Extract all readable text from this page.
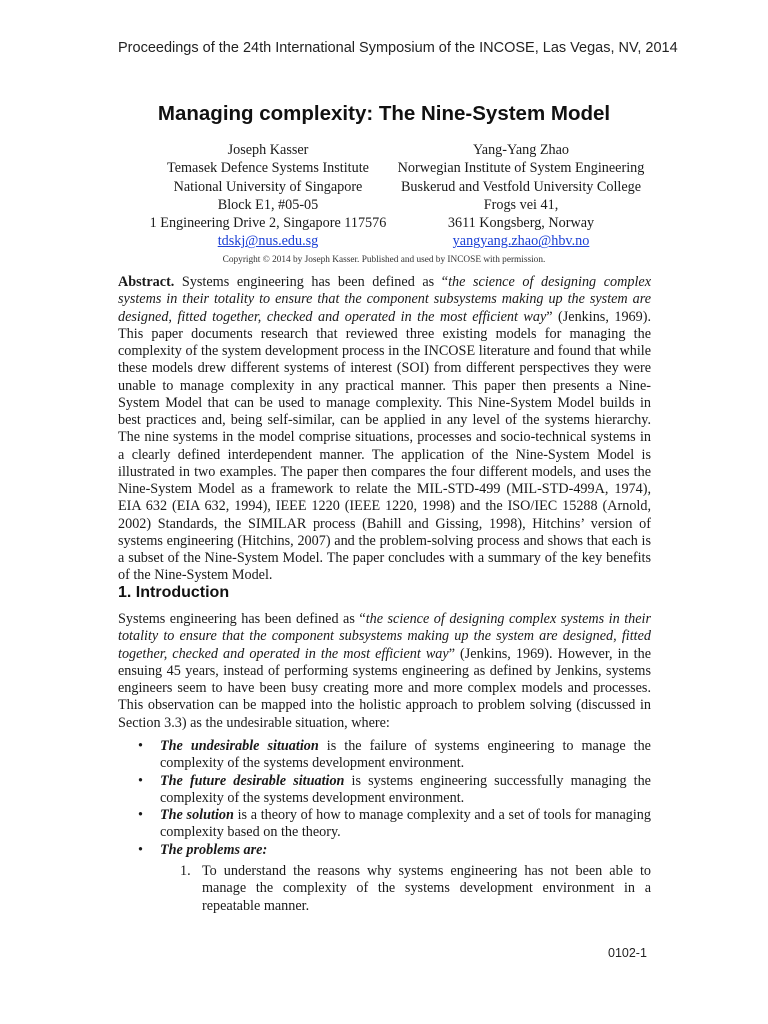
Proceedings of the 24th International Symposium of the INCOSE, Las Vegas, NV, 2014
Managing complexity: The Nine-System Model
Joseph Kasser
Temasek Defence Systems Institute
National University of Singapore
Block E1, #05-05
1 Engineering Drive 2, Singapore 117576
tdskj@nus.edu.sg
Yang-Yang Zhao
Norwegian Institute of System Engineering
Buskerud and Vestfold University College
Frogs vei 41,
3611 Kongsberg, Norway
yangyang.zhao@hbv.no
Copyright © 2014 by Joseph Kasser. Published and used by INCOSE with permission.

Abstract. Systems engineering has been defined as “the science of designing complex systems in their totality to ensure that the component subsystems making up the system are designed, fitted together, checked and operated in the most efficient way” (Jenkins, 1969). This paper documents research that reviewed three existing models for managing the complexity of the system development process in the INCOSE literature and found that while these models drew different systems of interest (SOI) from different perspectives they were unable to manage complexity in any practical manner. This paper then presents a Nine-System Model that can be used to manage complexity. This Nine-System Model builds in best practices and, being self-similar, can be applied in any level of the systems hierarchy. The nine systems in the model comprise situations, processes and socio-technical systems in a clearly defined interdependent manner. The application of the Nine-System Model is illustrated in two examples. The paper then compares the four different models, and uses the Nine-System Model as a framework to relate the MIL-STD-499 (MIL-STD-499A, 1974), EIA 632 (EIA 632, 1994), IEEE 1220 (IEEE 1220, 1998) and the ISO/IEC 15288 (Arnold, 2002) Standards, the SIMILAR process (Bahill and Gissing, 1998), Hitchins’ version of systems engineering (Hitchins, 2007) and the problem-solving process and shows that each is a subset of the Nine-System Model. The paper concludes with a summary of the key benefits of the Nine-System Model.

1. Introduction

Systems engineering has been defined as “the science of designing complex systems in their totality to ensure that the component subsystems making up the system are designed, fitted together, checked and operated in the most efficient way” (Jenkins, 1969). However, in the ensuing 45 years, instead of performing systems engineering as defined by Jenkins, systems engineers seem to have been busy creating more and more complex models and processes. This observation can be mapped into the holistic approach to problem solving (discussed in Section 3.3) as the undesirable situation, where:

• The undesirable situation is the failure of systems engineering to manage the complexity of the systems development environment.
• The future desirable situation is systems engineering successfully managing the complexity of the systems development environment.
• The solution is a theory of how to manage complexity and a set of tools for managing complexity based on the theory.
• The problems are:
1. To understand the reasons why systems engineering has not been able to manage the complexity of the systems development environment in a repeatable manner.
0102-1
